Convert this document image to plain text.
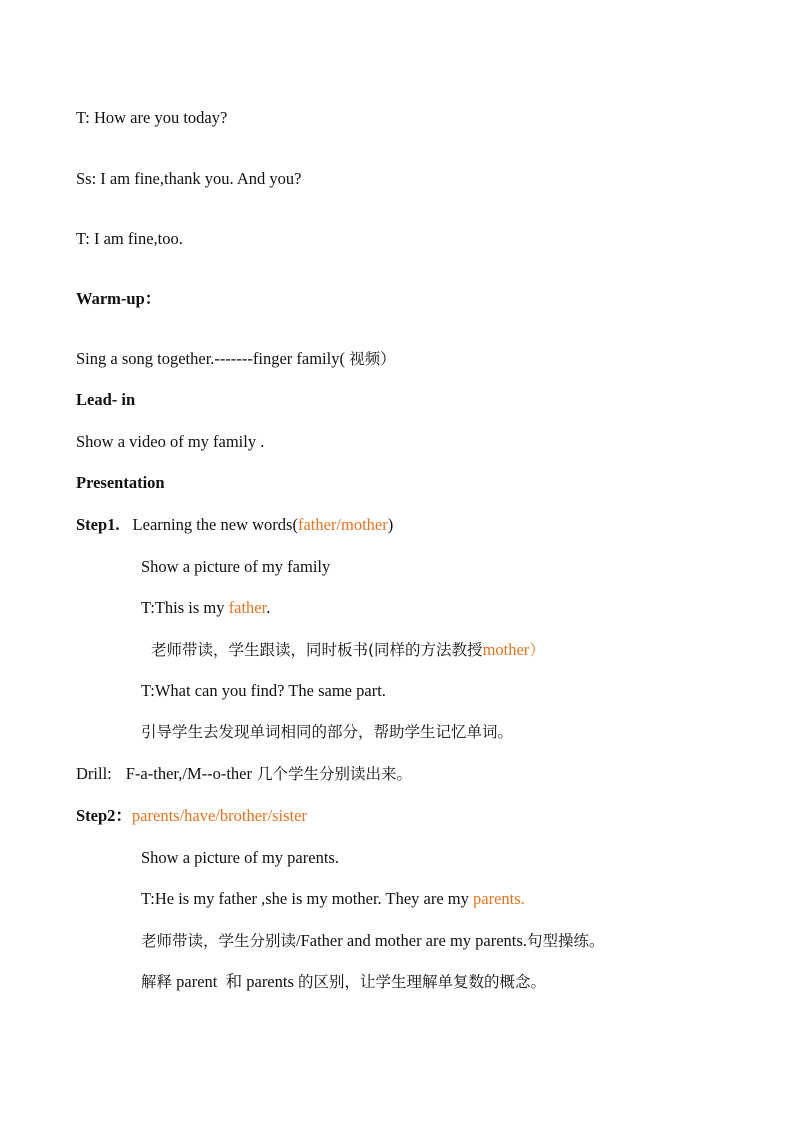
T: How are you today?
Ss: I am fine,thank you. And you?
T: I am fine,too.
Warm-up：
Sing a song together.-------finger family( 视频）
Lead- in
Show a video of my family .
Presentation
Step1. Learning the new words(father/mother)
Show a picture of my family
T:This is my father.
老师带读，学生跟读，同时板书(同样的方法教授mother）
T:What can you find? The same part.
引导学生去发现单词相同的部分，帮助学生记忆单词。
Drill: F-a-ther,/M--o-ther 几个学生分别读出来。
Step2：parents/have/brother/sister
Show a picture of my parents.
T:He is my father ,she is my mother. They are my parents.
老师带读，学生分别读/Father and mother are my parents.句型操练。
解释 parent  和 parents 的区别，让学生理解单复数的概念。
